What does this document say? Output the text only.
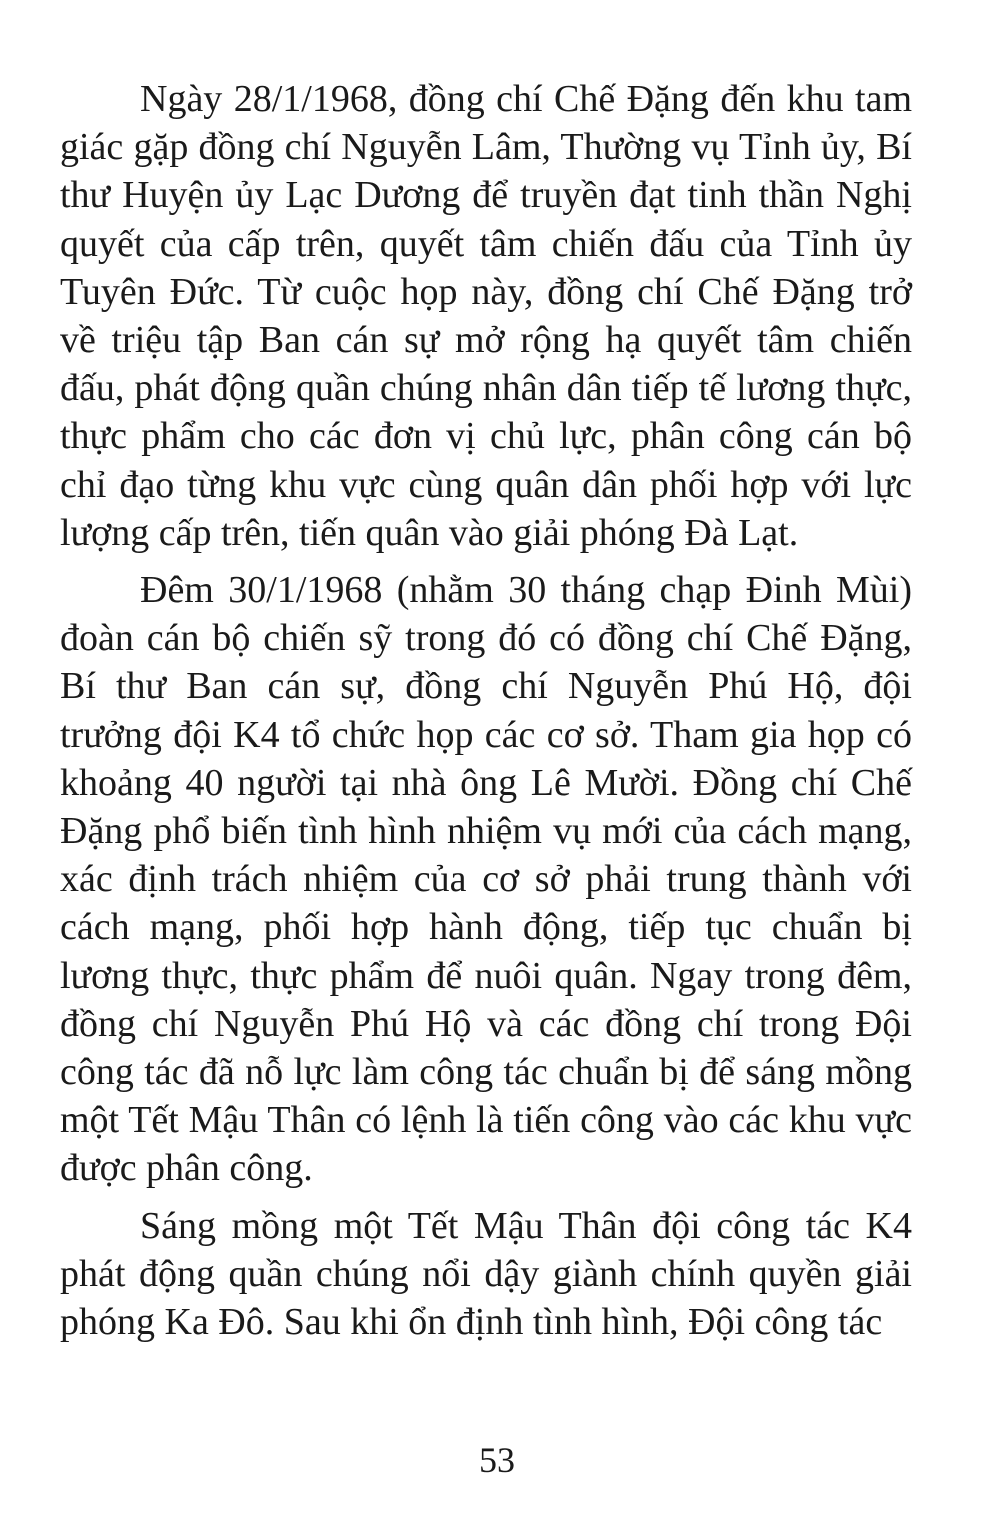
Ngày 28/1/1968, đồng chí Chế Đặng đến khu tam giác gặp đồng chí Nguyễn Lâm, Thường vụ Tỉnh ủy, Bí thư Huyện ủy Lạc Dương để truyền đạt tinh thần Nghị quyết của cấp trên, quyết tâm chiến đấu của Tỉnh ủy Tuyên Đức. Từ cuộc họp này, đồng chí Chế Đặng trở về triệu tập Ban cán sự mở rộng hạ quyết tâm chiến đấu, phát động quần chúng nhân dân tiếp tế lương thực, thực phẩm cho các đơn vị chủ lực, phân công cán bộ chỉ đạo từng khu vực cùng quân dân phối hợp với lực lượng cấp trên, tiến quân vào giải phóng Đà Lạt.

Đêm 30/1/1968 (nhằm 30 tháng chạp Đinh Mùi) đoàn cán bộ chiến sỹ trong đó có đồng chí Chế Đặng, Bí thư Ban cán sự, đồng chí Nguyễn Phú Hộ, đội trưởng đội K4 tổ chức họp các cơ sở. Tham gia họp có khoảng 40 người tại nhà ông Lê Mười. Đồng chí Chế Đặng phổ biến tình hình nhiệm vụ mới của cách mạng, xác định trách nhiệm của cơ sở phải trung thành với cách mạng, phối hợp hành động, tiếp tục chuẩn bị lương thực, thực phẩm để nuôi quân. Ngay trong đêm, đồng chí Nguyễn Phú Hộ và các đồng chí trong Đội công tác đã nỗ lực làm công tác chuẩn bị để sáng mồng một Tết Mậu Thân có lệnh là tiến công vào các khu vực được phân công.

Sáng mồng một Tết Mậu Thân đội công tác K4 phát động quần chúng nổi dậy giành chính quyền giải phóng Ka Đô. Sau khi ổn định tình hình, Đội công tác

53
